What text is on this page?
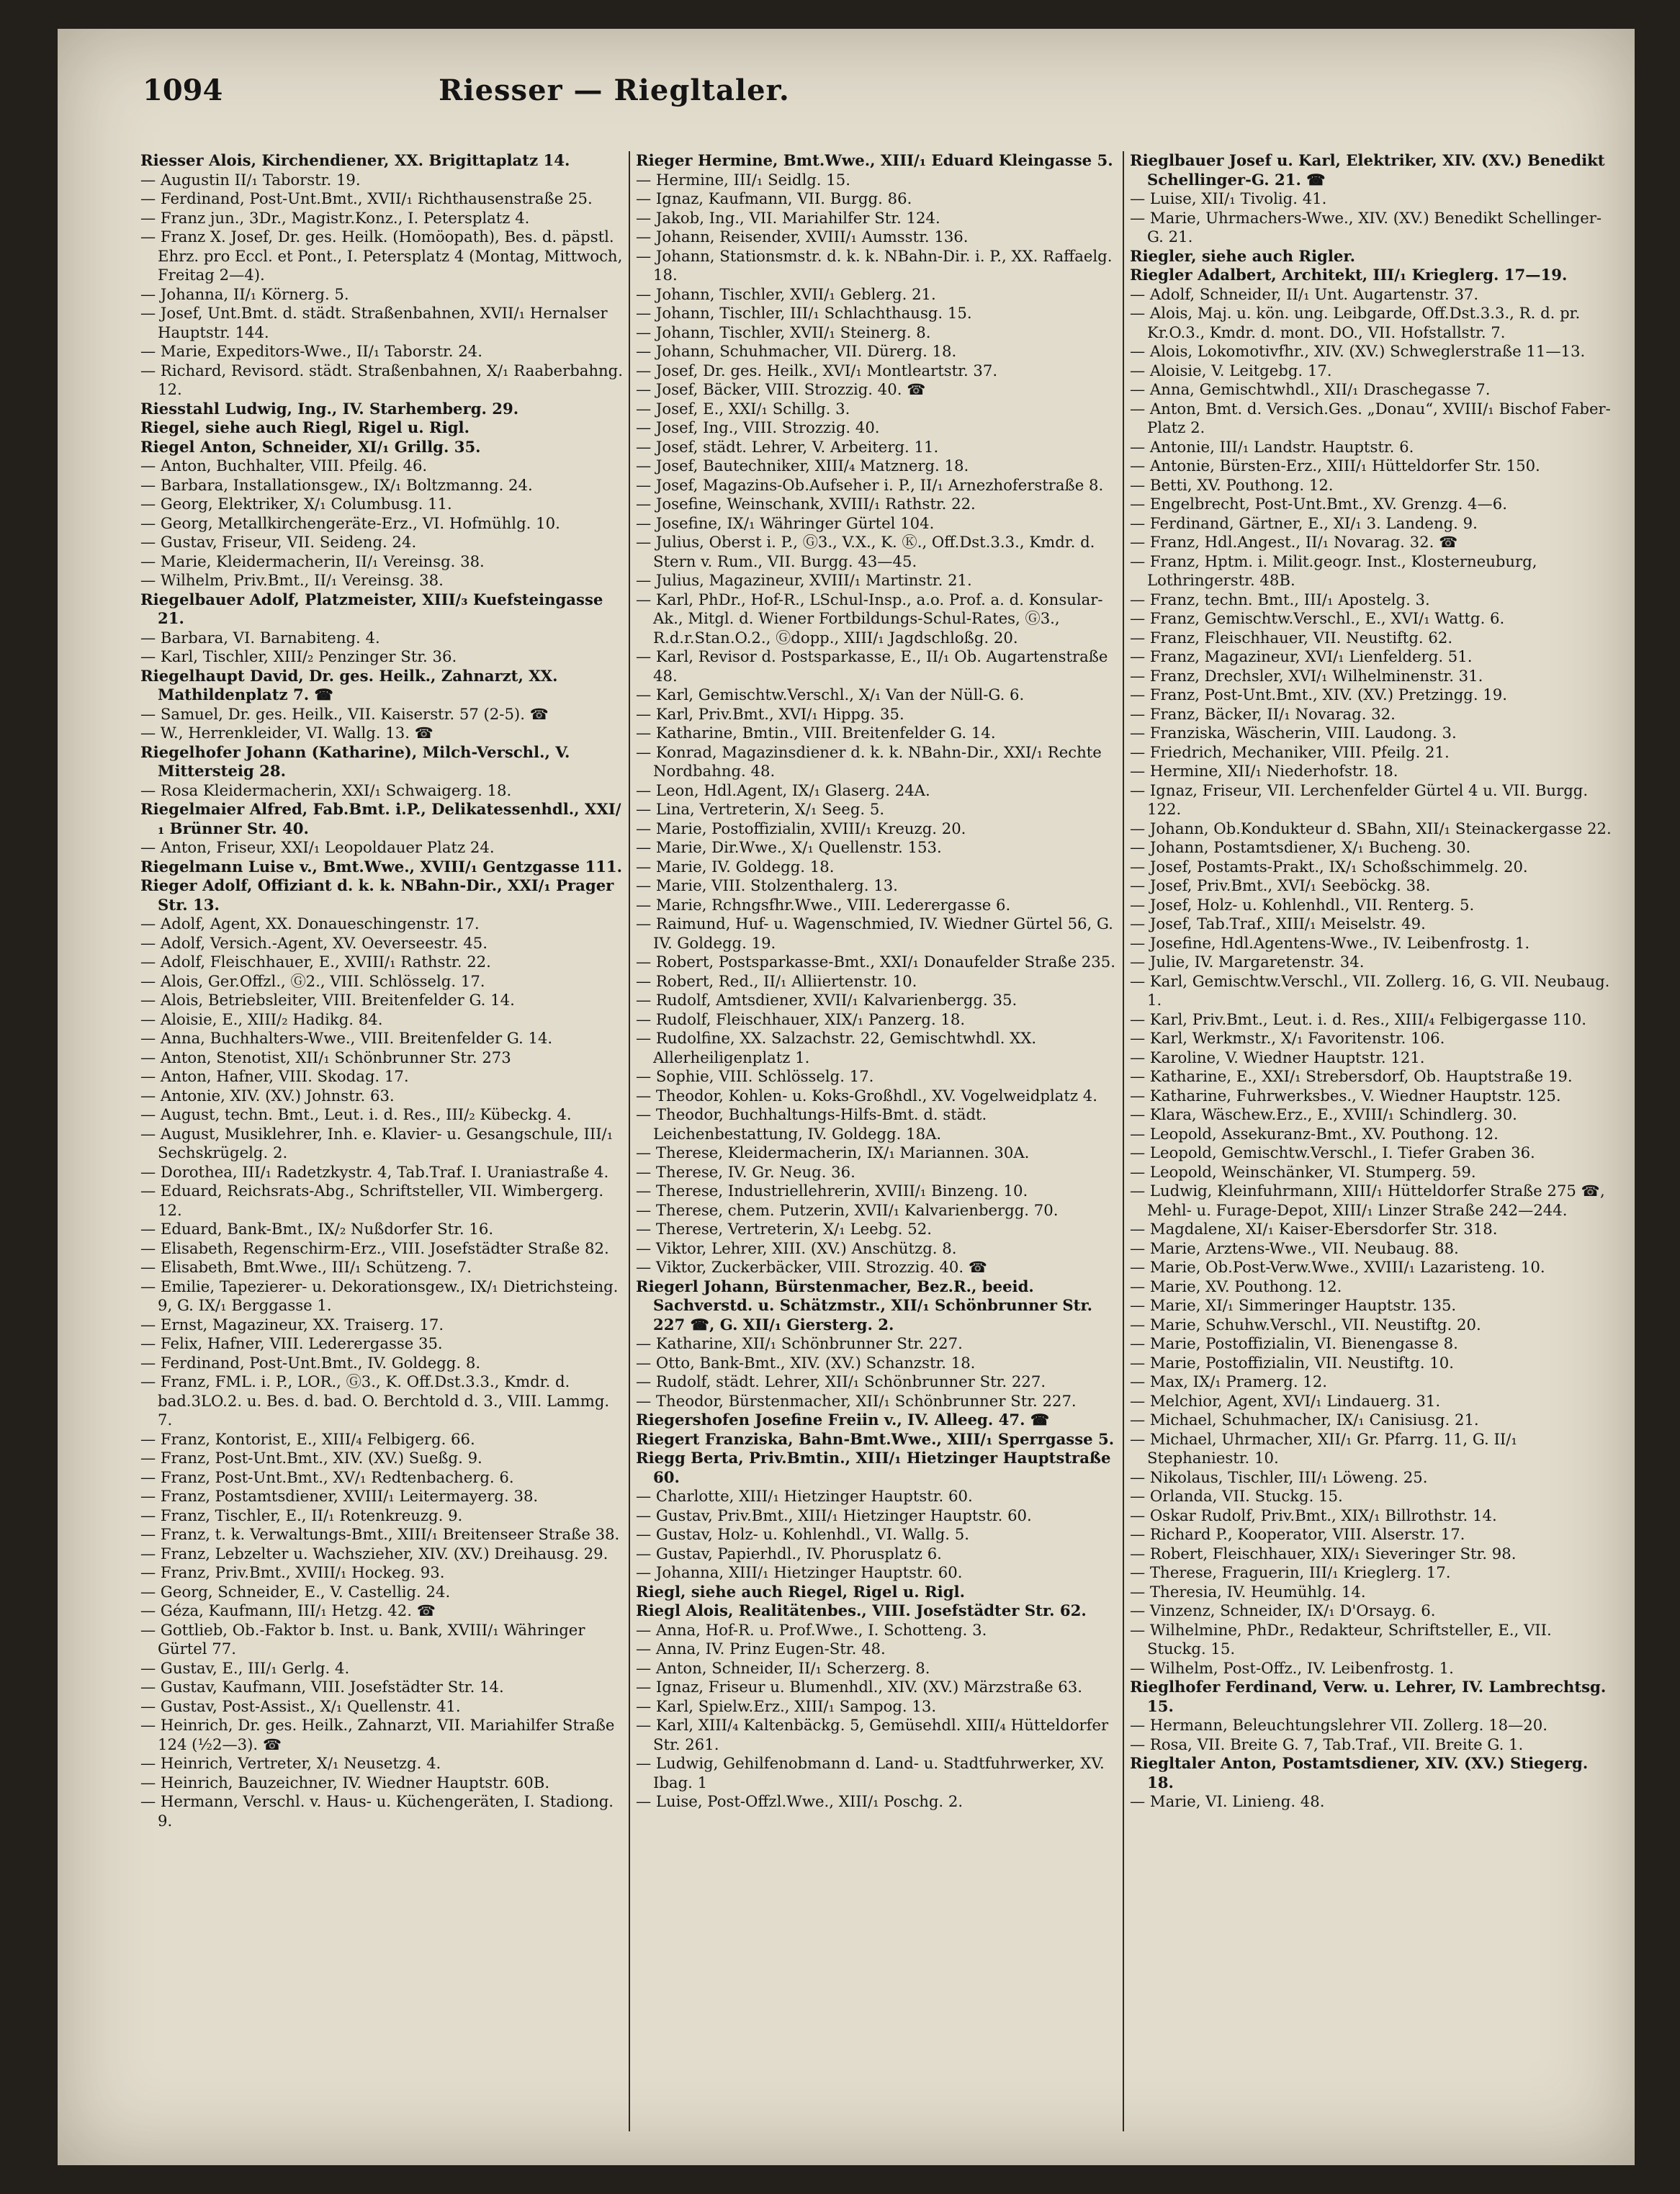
1094	Riesser — Riegltaler.
Riesser Alois, Kirchendiener, XX. Brigittaplatz 14.
— Augustin II/₁ Taborstr. 19.
— Ferdinand, Post-Unt.Bmt., XVII/₁ Richthausenstraße 25.
— Franz jun., 3Dr., Magistr.Konz., I. Petersplatz 4.
— Franz X. Josef, Dr. ges. Heilk. (Homöopath), Bes. d. päpstl. Ehrz. pro Eccl. et Pont., I. Petersplatz 4 (Montag, Mittwoch, Freitag 2—4).
— Johanna, II/₁ Körnerg. 5.
— Josef, Unt.Bmt. d. städt. Straßenbahnen, XVII/₁ Hernalser Hauptstr. 144.
— Marie, Expeditors-Wwe., II/₁ Taborstr. 24.
— Richard, Revisord. städt. Straßenbahnen, X/₁ Raaberbahng. 12.
Riesstahl Ludwig, Ing., IV. Starhemberg. 29.
Riegel, siehe auch Riegl, Rigel u. Rigl.
Riegel Anton, Schneider, XI/₁ Grillg. 35.
— Anton, Buchhalter, VIII. Pfeilg. 46.
— Barbara, Installationsgew., IX/₁ Boltzmanng. 24.
— Georg, Elektriker, X/₁ Columbusg. 11.
— Georg, Metallkirchengeräte-Erz., VI. Hofmühlg. 10.
— Gustav, Friseur, VII. Seideng. 24.
— Marie, Kleidermacherin, II/₁ Vereinsg. 38.
— Wilhelm, Priv.Bmt., II/₁ Vereinsg. 38.
Riegelbauer Adolf, Platzmeister, XIII/₃ Kuefsteingasse 21.
— Barbara, VI. Barnabiteng. 4.
— Karl, Tischler, XIII/₂ Penzinger Str. 36.
Riegelhaupt David, Dr. ges. Heilk., Zahnarzt, XX. Mathildenplatz 7. ☎
— Samuel, Dr. ges. Heilk., VII. Kaiserstr. 57 (2-5). ☎
— W., Herrenkleider, VI. Wallg. 13. ☎
Riegelhofer Johann (Katharine), Milch-Verschl., V. Mittersteig 28.
— Rosa Kleidermacherin, XXI/₁ Schwaigerg. 18.
Riegelmaier Alfred, Fab.Bmt. i.P., Delikatessenhdl., XXI/₁ Brünner Str. 40.
— Anton, Friseur, XXI/₁ Leopoldauer Platz 24.
Riegelmann Luise v., Bmt.Wwe., XVIII/₁ Gentzgasse 111.
Rieger Adolf, Offiziant d. k. k. NBahn-Dir., XXI/₁ Prager Str. 13.
— Adolf, Agent, XX. Donaueschingenstr. 17.
— Adolf, Versich.-Agent, XV. Oeverseestr. 45.
— Adolf, Fleischhauer, E., XVIII/₁ Rathstr. 22.
— Alois, Ger.Offzl., Ⓖ2., VIII. Schlösselg. 17.
— Alois, Betriebsleiter, VIII. Breitenfelder G. 14.
— Aloisie, E., XIII/₂ Hadikg. 84.
— Anna, Buchhalters-Wwe., VIII. Breitenfelder G. 14.
— Anton, Stenotist, XII/₁ Schönbrunner Str. 273
— Anton, Hafner, VIII. Skodag. 17.
— Antonie, XIV. (XV.) Johnstr. 63.
— August, techn. Bmt., Leut. i. d. Res., III/₂ Kübeckg. 4.
— August, Musiklehrer, Inh. e. Klavier- u. Gesangschule, III/₁ Sechskrügelg. 2.
— Dorothea, III/₁ Radetzkystr. 4, Tab.Traf. I. Uraniastraße 4.
— Eduard, Reichsrats-Abg., Schriftsteller, VII. Wimbergerg. 12.
— Eduard, Bank-Bmt., IX/₂ Nußdorfer Str. 16.
— Elisabeth, Regenschirm-Erz., VIII. Josefstädter Straße 82.
— Elisabeth, Bmt.Wwe., III/₁ Schützeng. 7.
— Emilie, Tapezierer- u. Dekorationsgew., IX/₁ Dietrichsteing. 9, G. IX/₁ Berggasse 1.
— Ernst, Magazineur, XX. Traiserg. 17.
— Felix, Hafner, VIII. Lederergasse 35.
— Ferdinand, Post-Unt.Bmt., IV. Goldegg. 8.
— Franz, FML. i. P., LOR., Ⓖ3., K. Off.Dst.3.3., Kmdr. d. bad.3LO.2. u. Bes. d. bad. O. Berchtold d. 3., VIII. Lammg. 7.
— Franz, Kontorist, E., XIII/₄ Felbigerg. 66.
— Franz, Post-Unt.Bmt., XIV. (XV.) Sueßg. 9.
— Franz, Post-Unt.Bmt., XV/₁ Redtenbacherg. 6.
— Franz, Postamtsdiener, XVIII/₁ Leitermayerg. 38.
— Franz, Tischler, E., II/₁ Rotenkreuzg. 9.
— Franz, t. k. Verwaltungs-Bmt., XIII/₁ Breitenseer Straße 38.
— Franz, Lebzelter u. Wachszieher, XIV. (XV.) Dreihausg. 29.
— Franz, Priv.Bmt., XVIII/₁ Hockeg. 93.
— Georg, Schneider, E., V. Castellig. 24.
— Géza, Kaufmann, III/₁ Hetzg. 42. ☎
— Gottlieb, Ob.-Faktor b. Inst. u. Bank, XVIII/₁ Währinger Gürtel 77.
— Gustav, E., III/₁ Gerlg. 4.
— Gustav, Kaufmann, VIII. Josefstädter Str. 14.
— Gustav, Post-Assist., X/₁ Quellenstr. 41.
— Heinrich, Dr. ges. Heilk., Zahnarzt, VII. Mariahilfer Straße 124 (½2—3). ☎
— Heinrich, Vertreter, X/₁ Neusetzg. 4.
— Heinrich, Bauzeichner, IV. Wiedner Hauptstr. 60B.
— Hermann, Verschl. v. Haus- u. Küchengeräten, I. Stadiong. 9.
Rieger Hermine, Bmt.Wwe., XIII/₁ Eduard Kleingasse 5.
— Hermine, III/₁ Seidlg. 15.
— Ignaz, Kaufmann, VII. Burgg. 86.
— Jakob, Ing., VII. Mariahilfer Str. 124.
— Johann, Reisender, XVIII/₁ Aumsstr. 136.
— Johann, Stationsmstr. d. k. k. NBahn-Dir. i. P., XX. Raffaelg. 18.
— Johann, Tischler, XVII/₁ Geblerg. 21.
— Johann, Tischler, III/₁ Schlachthausg. 15.
— Johann, Tischler, XVII/₁ Steinerg. 8.
— Johann, Schuhmacher, VII. Dürerg. 18.
— Josef, Dr. ges. Heilk., XVI/₁ Montleartstr. 37.
— Josef, Bäcker, VIII. Strozzig. 40. ☎
— Josef, E., XXI/₁ Schillg. 3.
— Josef, Ing., VIII. Strozzig. 40.
— Josef, städt. Lehrer, V. Arbeiterg. 11.
— Josef, Bautechniker, XIII/₄ Matznerg. 18.
— Josef, Magazins-Ob.Aufseher i. P., II/₁ Arnezhoferstraße 8.
— Josefine, Weinschank, XVIII/₁ Rathstr. 22.
— Josefine, IX/₁ Währinger Gürtel 104.
— Julius, Oberst i. P., Ⓖ3., V.X., K. Ⓚ., Off.Dst.3.3., Kmdr. d. Stern v. Rum., VII. Burgg. 43—45.
— Julius, Magazineur, XVIII/₁ Martinstr. 21.
— Karl, PhDr., Hof-R., LSchul-Insp., a.o. Prof. a. d. Konsular-Ak., Mitgl. d. Wiener Fortbildungs-Schul-Rates, Ⓖ3., R.d.r.Stan.O.2., Ⓖdopp., XIII/₁ Jagdschloßg. 20.
— Karl, Revisor d. Postsparkasse, E., II/₁ Ob. Augartenstraße 48.
— Karl, Gemischtw.Verschl., X/₁ Van der Nüll-G. 6.
— Karl, Priv.Bmt., XVI/₁ Hippg. 35.
— Katharine, Bmtin., VIII. Breitenfelder G. 14.
— Konrad, Magazinsdiener d. k. k. NBahn-Dir., XXI/₁ Rechte Nordbahng. 48.
— Leon, Hdl.Agent, IX/₁ Glaserg. 24A.
— Lina, Vertreterin, X/₁ Seeg. 5.
— Marie, Postoffizialin, XVIII/₁ Kreuzg. 20.
— Marie, Dir.Wwe., X/₁ Quellenstr. 153.
— Marie, IV. Goldegg. 18.
— Marie, VIII. Stolzenthalerg. 13.
— Marie, Rchngsfhr.Wwe., VIII. Lederergasse 6.
— Raimund, Huf- u. Wagenschmied, IV. Wiedner Gürtel 56, G. IV. Goldegg. 19.
— Robert, Postsparkasse-Bmt., XXI/₁ Donaufelder Straße 235.
— Robert, Red., II/₁ Alliiertenstr. 10.
— Rudolf, Amtsdiener, XVII/₁ Kalvarienbergg. 35.
— Rudolf, Fleischhauer, XIX/₁ Panzerg. 18.
— Rudolfine, XX. Salzachstr. 22, Gemischtwhdl. XX. Allerheiligenplatz 1.
— Sophie, VIII. Schlösselg. 17.
— Theodor, Kohlen- u. Koks-Großhdl., XV. Vogelweidplatz 4.
— Theodor, Buchhaltungs-Hilfs-Bmt. d. städt. Leichenbestattung, IV. Goldegg. 18A.
— Therese, Kleidermacherin, IX/₁ Mariannen. 30A.
— Therese, IV. Gr. Neug. 36.
— Therese, Industriellehrerin, XVIII/₁ Binzeng. 10.
— Therese, chem. Putzerin, XVII/₁ Kalvarienbergg. 70.
— Therese, Vertreterin, X/₁ Leebg. 52.
— Viktor, Lehrer, XIII. (XV.) Anschützg. 8.
— Viktor, Zuckerbäcker, VIII. Strozzig. 40. ☎
Riegerl Johann, Bürstenmacher, Bez.R., beeid. Sachverstd. u. Schätzmstr., XII/₁ Schönbrunner Str. 227 ☎, G. XII/₁ Giersterg. 2.
— Katharine, XII/₁ Schönbrunner Str. 227.
— Otto, Bank-Bmt., XIV. (XV.) Schanzstr. 18.
— Rudolf, städt. Lehrer, XII/₁ Schönbrunner Str. 227.
— Theodor, Bürstenmacher, XII/₁ Schönbrunner Str. 227.
Riegershofen Josefine Freiin v., IV. Alleeg. 47. ☎
Riegert Franziska, Bahn-Bmt.Wwe., XIII/₁ Sperrgasse 5.
Riegg Berta, Priv.Bmtin., XIII/₁ Hietzinger Hauptstraße 60.
— Charlotte, XIII/₁ Hietzinger Hauptstr. 60.
— Gustav, Priv.Bmt., XIII/₁ Hietzinger Hauptstr. 60.
— Gustav, Holz- u. Kohlenhdl., VI. Wallg. 5.
— Gustav, Papierhdl., IV. Phorusplatz 6.
— Johanna, XIII/₁ Hietzinger Hauptstr. 60.
Riegl, siehe auch Riegel, Rigel u. Rigl.
Riegl Alois, Realitätenbes., VIII. Josefstädter Str. 62.
— Anna, Hof-R. u. Prof.Wwe., I. Schotteng. 3.
— Anna, IV. Prinz Eugen-Str. 48.
— Anton, Schneider, II/₁ Scherzerg. 8.
— Ignaz, Friseur u. Blumenhdl., XIV. (XV.) Märzstraße 63.
— Karl, Spielw.Erz., XIII/₁ Sampog. 13.
— Karl, XIII/₄ Kaltenbäckg. 5, Gemüsehdl. XIII/₄ Hütteldorfer Str. 261.
— Ludwig, Gehilfenobmann d. Land- u. Stadtfuhrwerker, XV. Ibag. 1
— Luise, Post-Offzl.Wwe., XIII/₁ Poschg. 2.
Rieglbauer Josef u. Karl, Elektriker, XIV. (XV.) Benedikt Schellinger-G. 21. ☎
— Luise, XII/₁ Tivolig. 41.
— Marie, Uhrmachers-Wwe., XIV. (XV.) Benedikt Schellinger-G. 21.
Riegler, siehe auch Rigler.
Riegler Adalbert, Architekt, III/₁ Krieglerg. 17—19.
— Adolf, Schneider, II/₁ Unt. Augartenstr. 37.
— Alois, Maj. u. kön. ung. Leibgarde, Off.Dst.3.3., R. d. pr. Kr.O.3., Kmdr. d. mont. DO., VII. Hofstallstr. 7.
— Alois, Lokomotivfhr., XIV. (XV.) Schweglerstraße 11—13.
— Aloisie, V. Leitgebg. 17.
— Anna, Gemischtwhdl., XII/₁ Draschegasse 7.
— Anton, Bmt. d. Versich.Ges. „Donau“, XVIII/₁ Bischof Faber-Platz 2.
— Antonie, III/₁ Landstr. Hauptstr. 6.
— Antonie, Bürsten-Erz., XIII/₁ Hütteldorfer Str. 150.
— Betti, XV. Pouthong. 12.
— Engelbrecht, Post-Unt.Bmt., XV. Grenzg. 4—6.
— Ferdinand, Gärtner, E., XI/₁ 3. Landeng. 9.
— Franz, Hdl.Angest., II/₁ Novarag. 32. ☎
— Franz, Hptm. i. Milit.geogr. Inst., Klosterneuburg, Lothringerstr. 48B.
— Franz, techn. Bmt., III/₁ Apostelg. 3.
— Franz, Gemischtw.Verschl., E., XVI/₁ Wattg. 6.
— Franz, Fleischhauer, VII. Neustiftg. 62.
— Franz, Magazineur, XVI/₁ Lienfelderg. 51.
— Franz, Drechsler, XVI/₁ Wilhelminenstr. 31.
— Franz, Post-Unt.Bmt., XIV. (XV.) Pretzingg. 19.
— Franz, Bäcker, II/₁ Novarag. 32.
— Franziska, Wäscherin, VIII. Laudong. 3.
— Friedrich, Mechaniker, VIII. Pfeilg. 21.
— Hermine, XII/₁ Niederhofstr. 18.
— Ignaz, Friseur, VII. Lerchenfelder Gürtel 4 u. VII. Burgg. 122.
— Johann, Ob.Kondukteur d. SBahn, XII/₁ Steinackergasse 22.
— Johann, Postamtsdiener, X/₁ Bucheng. 30.
— Josef, Postamts-Prakt., IX/₁ Schoßschimmelg. 20.
— Josef, Priv.Bmt., XVI/₁ Seeböckg. 38.
— Josef, Holz- u. Kohlenhdl., VII. Renterg. 5.
— Josef, Tab.Traf., XIII/₁ Meiselstr. 49.
— Josefine, Hdl.Agentens-Wwe., IV. Leibenfrostg. 1.
— Julie, IV. Margaretenstr. 34.
— Karl, Gemischtw.Verschl., VII. Zollerg. 16, G. VII. Neubaug. 1.
— Karl, Priv.Bmt., Leut. i. d. Res., XIII/₄ Felbigergasse 110.
— Karl, Werkmstr., X/₁ Favoritenstr. 106.
— Karoline, V. Wiedner Hauptstr. 121.
— Katharine, E., XXI/₁ Strebersdorf, Ob. Hauptstraße 19.
— Katharine, Fuhrwerksbes., V. Wiedner Hauptstr. 125.
— Klara, Wäschew.Erz., E., XVIII/₁ Schindlerg. 30.
— Leopold, Assekuranz-Bmt., XV. Pouthong. 12.
— Leopold, Gemischtw.Verschl., I. Tiefer Graben 36.
— Leopold, Weinschänker, VI. Stumperg. 59.
— Ludwig, Kleinfuhrmann, XIII/₁ Hütteldorfer Straße 275 ☎, Mehl- u. Furage-Depot, XIII/₁ Linzer Straße 242—244.
— Magdalene, XI/₁ Kaiser-Ebersdorfer Str. 318.
— Marie, Arztens-Wwe., VII. Neubaug. 88.
— Marie, Ob.Post-Verw.Wwe., XVIII/₁ Lazaristeng. 10.
— Marie, XV. Pouthong. 12.
— Marie, XI/₁ Simmeringer Hauptstr. 135.
— Marie, Schuhw.Verschl., VII. Neustiftg. 20.
— Marie, Postoffizialin, VI. Bienengasse 8.
— Marie, Postoffizialin, VII. Neustiftg. 10.
— Max, IX/₁ Pramerg. 12.
— Melchior, Agent, XVI/₁ Lindauerg. 31.
— Michael, Schuhmacher, IX/₁ Canisiusg. 21.
— Michael, Uhrmacher, XII/₁ Gr. Pfarrg. 11, G. II/₁ Stephaniestr. 10.
— Nikolaus, Tischler, III/₁ Löweng. 25.
— Orlanda, VII. Stuckg. 15.
— Oskar Rudolf, Priv.Bmt., XIX/₁ Billrothstr. 14.
— Richard P., Kooperator, VIII. Alserstr. 17.
— Robert, Fleischhauer, XIX/₁ Sieveringer Str. 98.
— Therese, Fraguerin, III/₁ Krieglerg. 17.
— Theresia, IV. Heumühlg. 14.
— Vinzenz, Schneider, IX/₁ D'Orsayg. 6.
— Wilhelmine, PhDr., Redakteur, Schriftsteller, E., VII. Stuckg. 15.
— Wilhelm, Post-Offz., IV. Leibenfrostg. 1.
Rieglhofer Ferdinand, Verw. u. Lehrer, IV. Lambrechtsg. 15.
— Hermann, Beleuchtungslehrer VII. Zollerg. 18—20.
— Rosa, VII. Breite G. 7, Tab.Traf., VII. Breite G. 1.
Riegltaler Anton, Postamtsdiener, XIV. (XV.) Stiegerg. 18.
— Marie, VI. Linieng. 48.
